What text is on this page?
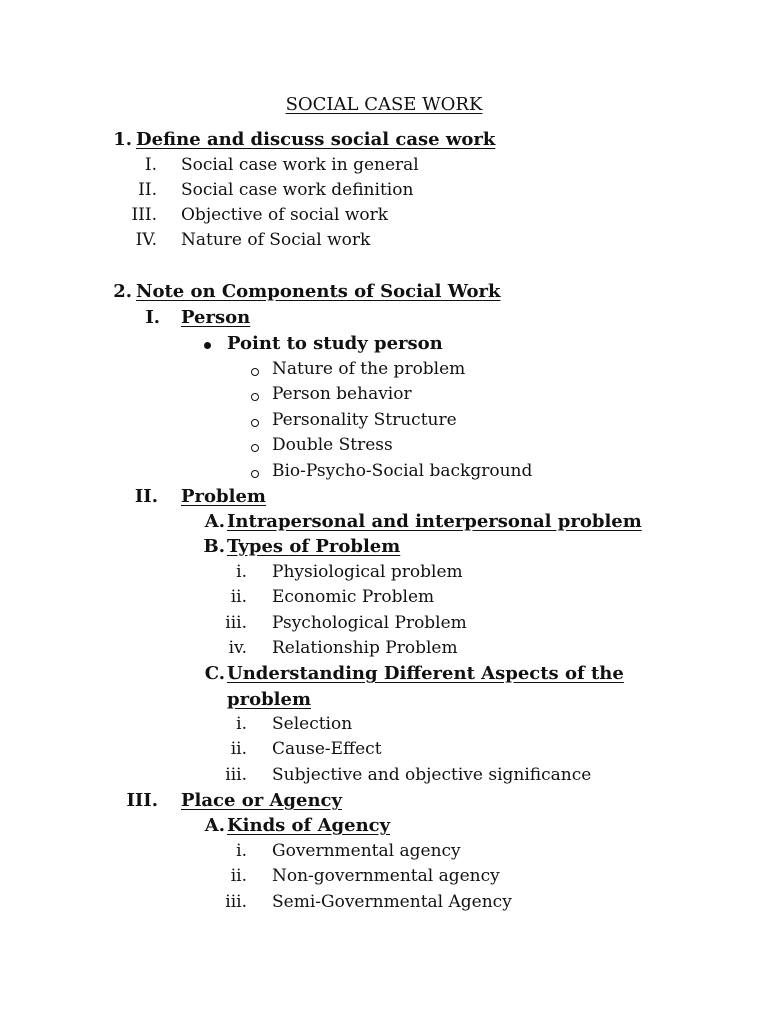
SOCIAL CASE WORK
1. Define and discuss social case work
I. Social case work in general
II. Social case work definition
III. Objective of social work
IV. Nature of Social work
2. Note on Components of Social Work
I. Person
Point to study person
Nature of the problem
Person behavior
Personality Structure
Double Stress
Bio-Psycho-Social background
II. Problem
A. Intrapersonal and interpersonal problem
B. Types of Problem
i. Physiological problem
ii. Economic Problem
iii. Psychological Problem
iv. Relationship Problem
C. Understanding Different Aspects of the
problem
i. Selection
ii. Cause-Effect
iii. Subjective and objective significance
III. Place or Agency
A. Kinds of Agency
i. Governmental agency
ii. Non-governmental agency
iii. Semi-Governmental Agency
